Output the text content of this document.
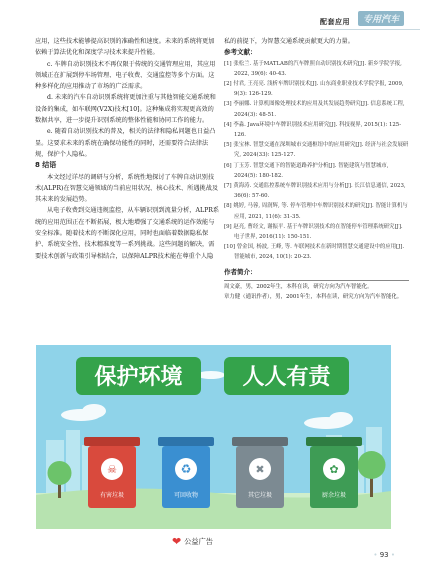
配套应用	专用汽车

应用，这些技术能够提高识别的准确性和速度。未来的系统将更加依赖于算法优化和深度学习技术来提升性能。

c. 车牌自动识别技术不再仅限于传统的交通管理应用，其应用领域正在扩展到停车场管理、电子收费、交通监控等多个方面。这种多样化的应用推动了市场的广泛需求。

d. 未来的汽车自动识别系统将更加注重与其他智能交通系统和设备的集成，如车联网(V2X)技术[10]。这种集成将实现更高效的数据共享，进一步提升识别系统的整体性能和协同工作的能力。

e. 随着自动识别技术的普及，相关的法律和隐私问题也日益凸显。这要求未来的系统在确保功能性的同时，还需要符合法律法规，保护个人隐私。

8 结语

本文经过详尽的调研与分析，系统性地探讨了车牌自动识别技术(ALPR)在智慧交通领域的当前应用状况、核心技术、所遇挑战及其未来的发展趋势。

从电子收费到交通违规监控，从车辆识别到流量分析，ALPR系统的应用范围正在不断拓展，极大地增强了交通系统的运作效能与安全标准。随着技术的不断深化应用，同时也面临着数据隐私保护、系统安全性、技术精准度等一系列挑战。这些问题的解决，需要技术创新与政策引导相结合，以保障ALPR技术能在尊重个人隐

私的前提下，为智慧交通系统贡献更大的力量。

参考文献：

[1] 张松兰. 基于MATLAB的汽车牌照自动识别技术研究[J]. 新乡学院学报, 2022, 39(6): 40-43.

[2] 付君, 王亮亮. 浅析车牌识别技术[J]. 山东商业职业技术学院学报, 2009, 9(3): 126-129.

[3] 李丽娜. 计算机图像处理技术的应用及其发展趋势研究[J]. 信息系统工程, 2024(3): 48-51.

[4] 李淼. Java环境中车牌识别技术应用研究[J]. 科技视界, 2015(1): 125-126.

[5] 张宝林. 智慧交通在深圳城市交通枢纽中的应用研究[J]. 经济与社会发展研究, 2024(33): 125-127.

[6] 丁玉芳. 智慧交通下的智能道路养护分析[J]. 智能建筑与智慧城市, 2024(5): 180-182.

[7] 黄海涛. 交通监控系统车牌识别技术应用与分析[J]. 长江信息通信, 2023, 36(6): 57-60.

[8] 姚婷, 马蓉, 周润辉, 等. 停车管理中车牌识别技术的研究[J]. 智能计算机与应用, 2021, 11(6): 31-35.

[9] 赵亮, 曹经文, 谢振平. 基于车牌识别技术的在智能停车管理系统研究[J]. 电子世界, 2016(11): 150-151.

[10] 曾金国, 杨波, 王峰, 等. 车联网技术在新时期智慧交通建设中的应用[J]. 智能城市, 2024, 10(1): 20-23.

作者简介：

周文豪，男，2002年生，本科在读，研究方向为汽车智能化。

章力健（通讯作者），男，2001年生，本科在读，研究方向为汽车智能化。

保护环境	人人有责
☠
有害垃圾
♻
可回收物
✖
其它垃圾
✿
厨余垃圾
❤ 公益广告
• 93 •
